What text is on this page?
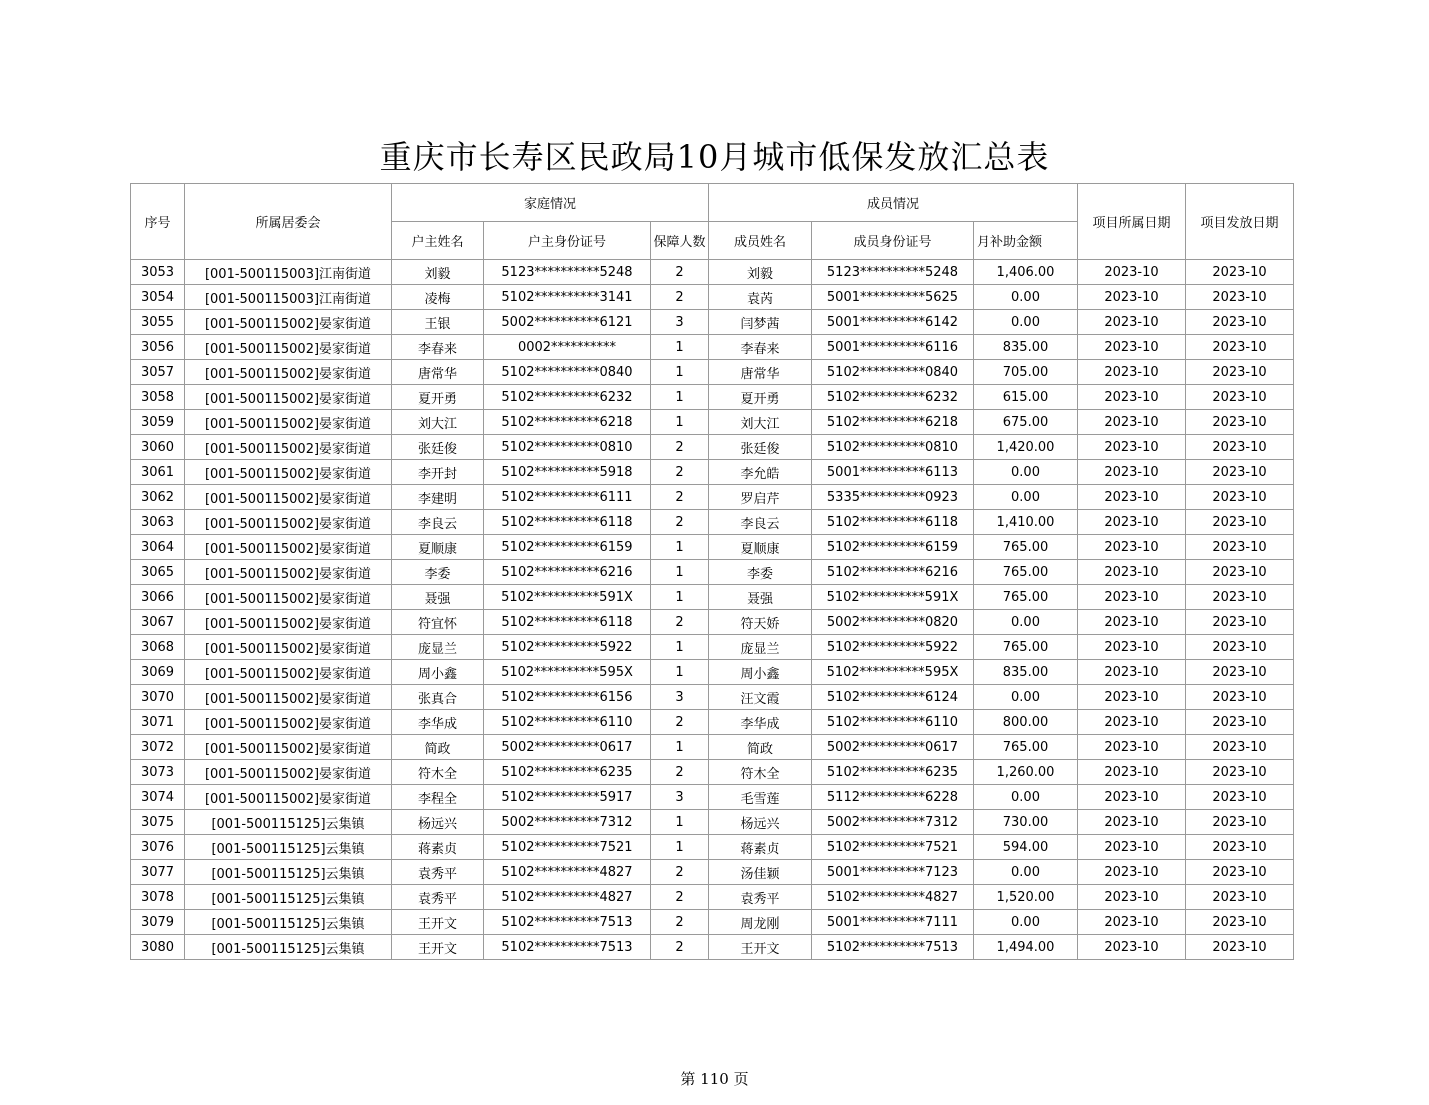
重庆市长寿区民政局10月城市低保发放汇总表
序号	所属居委会	家庭情况			成员情况			项目所属日期	项目发放日期
		户主姓名	户主身份证号	保障人数	成员姓名	成员身份证号	月补助金额		
3053	[001-500115003]江南街道	刘毅	5123**********5248	2	刘毅	5123**********5248	1,406.00	2023-10	2023-10
3054	[001-500115003]江南街道	凌梅	5102**********3141	2	袁芮	5001**********5625	0.00	2023-10	2023-10
3055	[001-500115002]晏家街道	王银	5002**********6121	3	闫梦茜	5001**********6142	0.00	2023-10	2023-10
3056	[001-500115002]晏家街道	李春来	0002**********	1	李春来	5001**********6116	835.00	2023-10	2023-10
3057	[001-500115002]晏家街道	唐常华	5102**********0840	1	唐常华	5102**********0840	705.00	2023-10	2023-10
3058	[001-500115002]晏家街道	夏开勇	5102**********6232	1	夏开勇	5102**********6232	615.00	2023-10	2023-10
3059	[001-500115002]晏家街道	刘大江	5102**********6218	1	刘大江	5102**********6218	675.00	2023-10	2023-10
3060	[001-500115002]晏家街道	张廷俊	5102**********0810	2	张廷俊	5102**********0810	1,420.00	2023-10	2023-10
3061	[001-500115002]晏家街道	李开封	5102**********5918	2	李允皓	5001**********6113	0.00	2023-10	2023-10
3062	[001-500115002]晏家街道	李建明	5102**********6111	2	罗启芹	5335**********0923	0.00	2023-10	2023-10
3063	[001-500115002]晏家街道	李良云	5102**********6118	2	李良云	5102**********6118	1,410.00	2023-10	2023-10
3064	[001-500115002]晏家街道	夏顺康	5102**********6159	1	夏顺康	5102**********6159	765.00	2023-10	2023-10
3065	[001-500115002]晏家街道	李委	5102**********6216	1	李委	5102**********6216	765.00	2023-10	2023-10
3066	[001-500115002]晏家街道	聂强	5102**********591X	1	聂强	5102**********591X	765.00	2023-10	2023-10
3067	[001-500115002]晏家街道	符宜怀	5102**********6118	2	符天娇	5002**********0820	0.00	2023-10	2023-10
3068	[001-500115002]晏家街道	庞显兰	5102**********5922	1	庞显兰	5102**********5922	765.00	2023-10	2023-10
3069	[001-500115002]晏家街道	周小鑫	5102**********595X	1	周小鑫	5102**********595X	835.00	2023-10	2023-10
3070	[001-500115002]晏家街道	张真合	5102**********6156	3	汪文霞	5102**********6124	0.00	2023-10	2023-10
3071	[001-500115002]晏家街道	李华成	5102**********6110	2	李华成	5102**********6110	800.00	2023-10	2023-10
3072	[001-500115002]晏家街道	简政	5002**********0617	1	简政	5002**********0617	765.00	2023-10	2023-10
3073	[001-500115002]晏家街道	符木全	5102**********6235	2	符木全	5102**********6235	1,260.00	2023-10	2023-10
3074	[001-500115002]晏家街道	李程全	5102**********5917	3	毛雪莲	5112**********6228	0.00	2023-10	2023-10
3075	[001-500115125]云集镇	杨远兴	5002**********7312	1	杨远兴	5002**********7312	730.00	2023-10	2023-10
3076	[001-500115125]云集镇	蒋素贞	5102**********7521	1	蒋素贞	5102**********7521	594.00	2023-10	2023-10
3077	[001-500115125]云集镇	袁秀平	5102**********4827	2	汤佳颖	5001**********7123	0.00	2023-10	2023-10
3078	[001-500115125]云集镇	袁秀平	5102**********4827	2	袁秀平	5102**********4827	1,520.00	2023-10	2023-10
3079	[001-500115125]云集镇	王开文	5102**********7513	2	周龙刚	5001**********7111	0.00	2023-10	2023-10
3080	[001-500115125]云集镇	王开文	5102**********7513	2	王开文	5102**********7513	1,494.00	2023-10	2023-10
第 110 页
